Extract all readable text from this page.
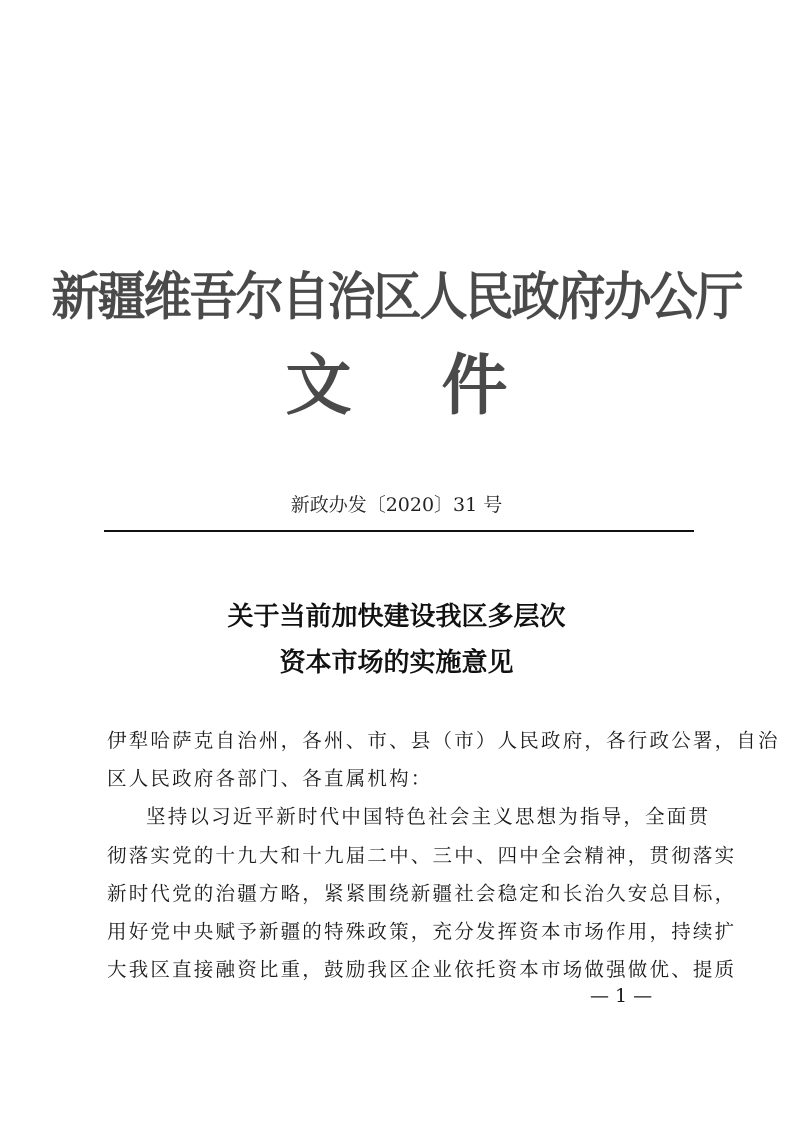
新疆维吾尔自治区人民政府办公厅
文件
新政办发〔2020〕31 号
关于当前加快建设我区多层次
资本市场的实施意见
伊犁哈萨克自治州，各州、市、县（市）人民政府，各行政公署，自治
区人民政府各部门、各直属机构：
坚持以习近平新时代中国特色社会主义思想为指导，全面贯
彻落实党的十九大和十九届二中、三中、四中全会精神，贯彻落实
新时代党的治疆方略，紧紧围绕新疆社会稳定和长治久安总目标，
用好党中央赋予新疆的特殊政策，充分发挥资本市场作用，持续扩
大我区直接融资比重，鼓励我区企业依托资本市场做强做优、提质
— 1 —
